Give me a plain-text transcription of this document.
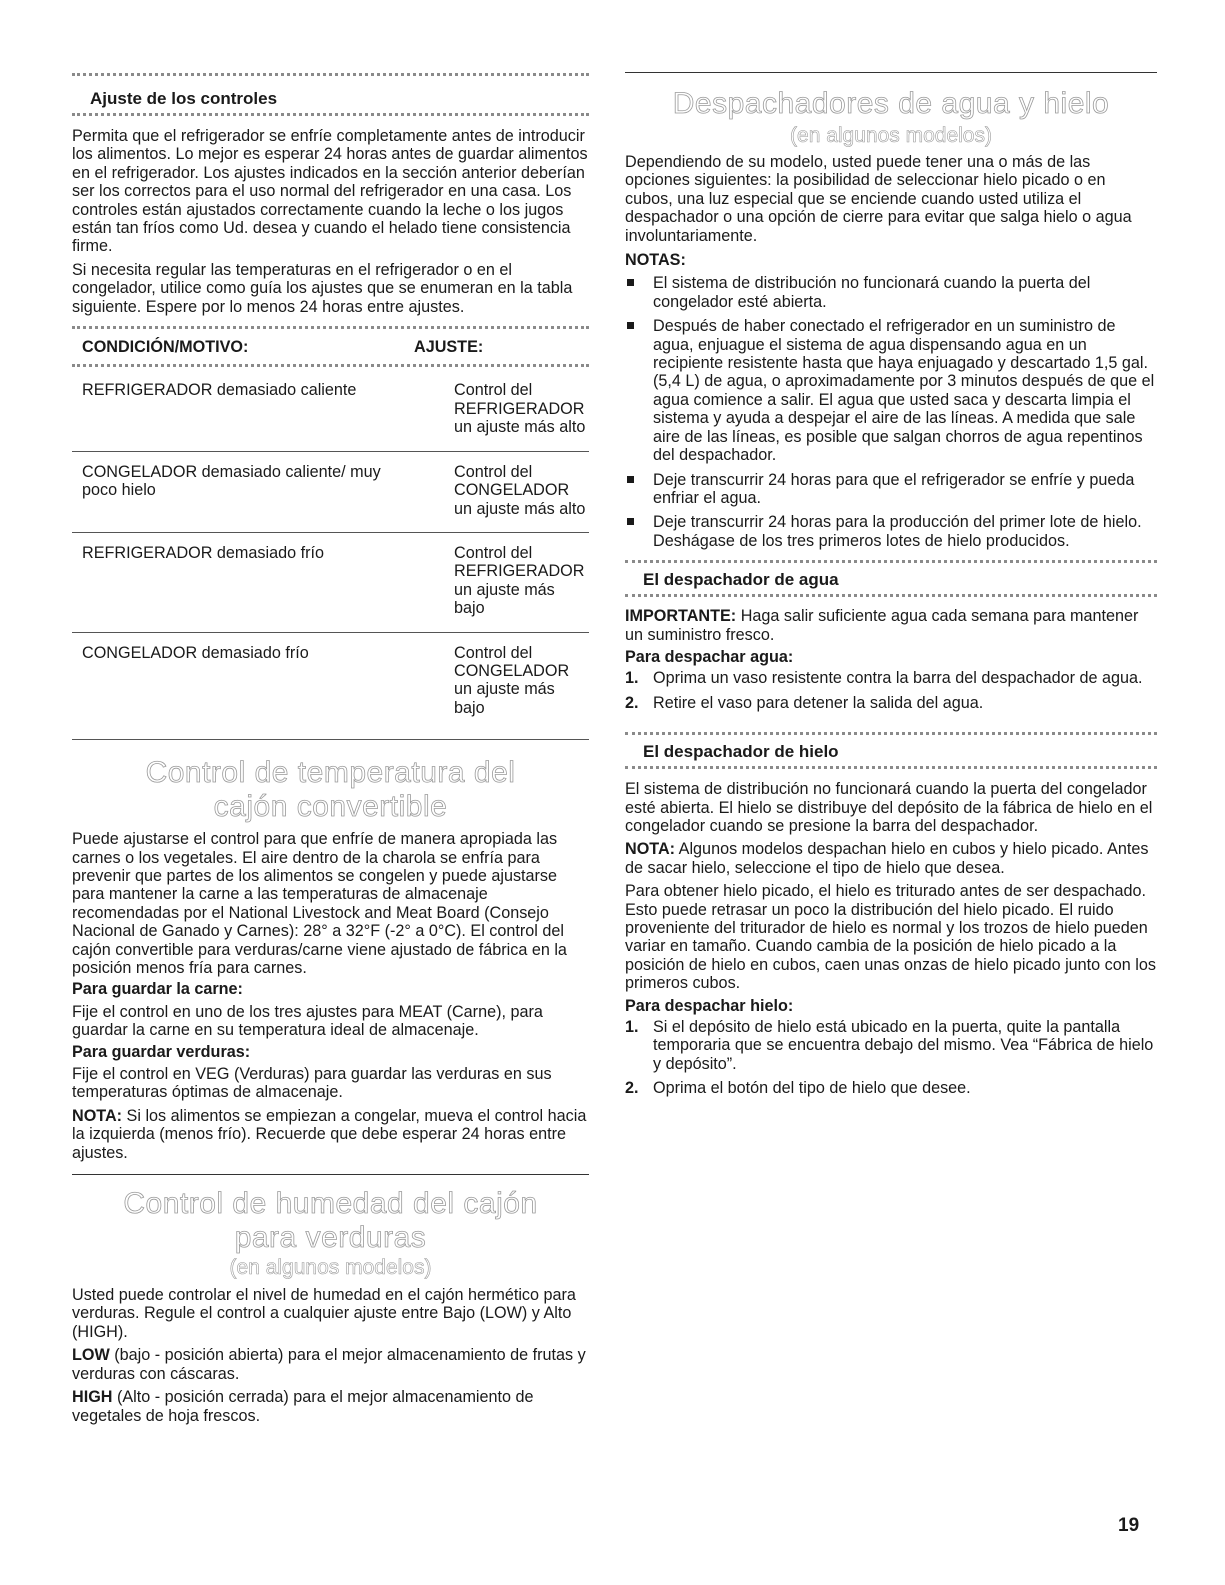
Ajuste de los controles

Permita que el refrigerador se enfríe completamente antes de introducir los alimentos. Lo mejor es esperar 24 horas antes de guardar alimentos en el refrigerador. Los ajustes indicados en la sección anterior deberían ser los correctos para el uso normal del refrigerador en una casa. Los controles están ajustados correctamente cuando la leche o los jugos están tan fríos como Ud. desea y cuando el helado tiene consistencia firme.

Si necesita regular las temperaturas en el refrigerador o en el congelador, utilice como guía los ajustes que se enumeran en la tabla siguiente. Espere por lo menos 24 horas entre ajustes.

CONDICIÓN/MOTIVO:	AJUSTE:
REFRIGERADOR demasiado caliente	Control del
REFRIGERADOR
un ajuste más alto

CONGELADOR demasiado caliente/ muy poco hielo	Control del
CONGELADOR
un ajuste más alto

REFRIGERADOR demasiado frío	Control del
REFRIGERADOR
un ajuste más bajo

CONGELADOR demasiado frío	Control del
CONGELADOR
un ajuste más bajo
Control de temperatura del cajón convertible

Puede ajustarse el control para que enfríe de manera apropiada las carnes o los vegetales. El aire dentro de la charola se enfría para prevenir que partes de los alimentos se congelen y puede ajustarse para mantener la carne a las temperaturas de almacenaje recomendadas por el National Livestock and Meat Board (Consejo Nacional de Ganado y Carnes): 28° a 32°F (-2° a 0°C). El control del cajón convertible para verduras/carne viene ajustado de fábrica en la posición menos fría para carnes.

Para guardar la carne:

Fije el control en uno de los tres ajustes para MEAT (Carne), para guardar la carne en su temperatura ideal de almacenaje.

Para guardar verduras:

Fije el control en VEG (Verduras) para guardar las verduras en sus temperaturas óptimas de almacenaje.

NOTA: Si los alimentos se empiezan a congelar, mueva el control hacia la izquierda (menos frío). Recuerde que debe esperar 24 horas entre ajustes.

Control de humedad del cajón para verduras
(en algunos modelos)

Usted puede controlar el nivel de humedad en el cajón hermético para verduras. Regule el control a cualquier ajuste entre Bajo (LOW) y Alto (HIGH).

LOW (bajo - posición abierta) para el mejor almacenamiento de frutas y verduras con cáscaras.

HIGH (Alto - posición cerrada) para el mejor almacenamiento de vegetales de hoja frescos.

Despachadores de agua y hielo
(en algunos modelos)

Dependiendo de su modelo, usted puede tener una o más de las opciones siguientes: la posibilidad de seleccionar hielo picado o en cubos, una luz especial que se enciende cuando usted utiliza el despachador o una opción de cierre para evitar que salga hielo o agua involuntariamente.

NOTAS:

El sistema de distribución no funcionará cuando la puerta del congelador esté abierta.

Después de haber conectado el refrigerador en un suministro de agua, enjuague el sistema de agua dispensando agua en un recipiente resistente hasta que haya enjuagado y descartado 1,5 gal. (5,4 L) de agua, o aproximadamente por 3 minutos después de que el agua comience a salir. El agua que usted saca y descarta limpia el sistema y ayuda a despejar el aire de las líneas. A medida que sale aire de las líneas, es posible que salgan chorros de agua repentinos del despachador.

Deje transcurrir 24 horas para que el refrigerador se enfríe y pueda enfriar el agua.

Deje transcurrir 24 horas para la producción del primer lote de hielo. Deshágase de los tres primeros lotes de hielo producidos.

El despachador de agua

IMPORTANTE: Haga salir suficiente agua cada semana para mantener un suministro fresco.

Para despachar agua:

1. Oprima un vaso resistente contra la barra del despachador de agua.

2. Retire el vaso para detener la salida del agua.

El despachador de hielo

El sistema de distribución no funcionará cuando la puerta del congelador esté abierta. El hielo se distribuye del depósito de la fábrica de hielo en el congelador cuando se presione la barra del despachador.

NOTA: Algunos modelos despachan hielo en cubos y hielo picado. Antes de sacar hielo, seleccione el tipo de hielo que desea.

Para obtener hielo picado, el hielo es triturado antes de ser despachado. Esto puede retrasar un poco la distribución del hielo picado. El ruido proveniente del triturador de hielo es normal y los trozos de hielo pueden variar en tamaño. Cuando cambia de la posición de hielo picado a la posición de hielo en cubos, caen unas onzas de hielo picado junto con los primeros cubos.

Para despachar hielo:

1. Si el depósito de hielo está ubicado en la puerta, quite la pantalla temporaria que se encuentra debajo del mismo. Vea “Fábrica de hielo y depósito”.

2. Oprima el botón del tipo de hielo que desee.

19
